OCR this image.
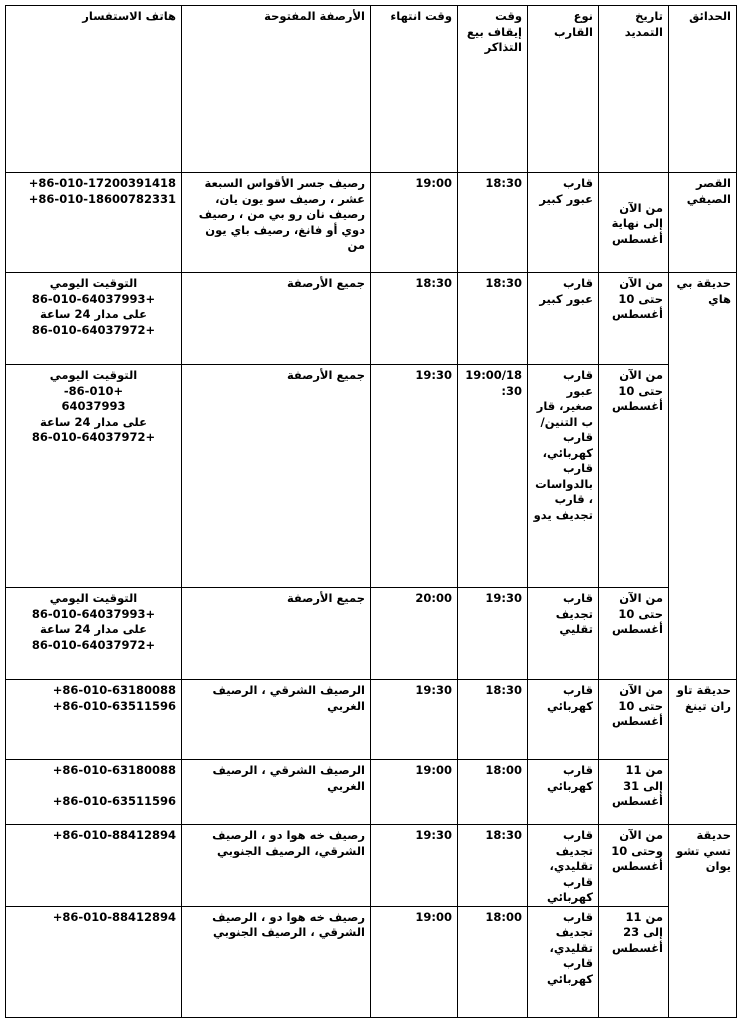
الحدائق	تاريخ التمديد	نوع القارب	وقت إيقاف بيع التذاكر	وقت انتهاء	الأرصفة المفتوحة	هاتف الاستفسار
القصر الصيفي	من الآن إلى نهاية أغسطس	قارب عبور كبير	18:30	19:00	رصيف جسر الأقواس السبعة عشر ، رصيف سو يون يان، رصيف نان رو بي من ، رصيف دوي أو فانغ، رصيف باي يون من	+86-010-17200391418
+86-010-18600782331

حديقة بي هاي	من الآن حتى 10 أغسطس	قارب عبور كبير	18:30	18:30	جميع الأرصفة	التوقيت اليومي
+86-010-64037993
على مدار 24 ساعة
+86-010-64037972

	من الآن حتى 10 أغسطس	قارب عبور صغير، قار ب التنين/ قارب كهربائي، قارب بالدواسات ، قارب تجديف يدو	19:00/18:30	19:30	جميع الأرصفة	التوقيت اليومي
+86-010-
64037993
على مدار 24 ساعة
+86-010-64037972

	من الآن حتى 10 أغسطس	قارب تجديف تقليي	19:30	20:00	جميع الأرصفة	التوقيت اليومي
+86-010-64037993
على مدار 24 ساعة
+86-010-64037972

حديقة تاو ران تينغ	من الآن حتى 10 أغسطس	قارب كهربائي	18:30	19:30	الرصيف الشرقي ، الرصيف الغربي	+86-010-63180088
+86-010-63511596

	من 11 إلى 31 أغسطس	قارب كهربائي	18:00	19:00	الرصيف الشرقي ، الرصيف الغربي	+86-010-63180088

+86-010-63511596

حديقة تسي تشو يوان	من الآن وحتى 10 أغسطس	قارب تجديف تقليدي، قارب كهربائي	18:30	19:30	رصيف خه هوا دو ، الرصيف الشرقي، الرصيف الجنوبي	+86-010-88412894

	من 11 إلى 23 أغسطس	قارب تجديف تقليدي، قارب كهربائي	18:00	19:00	رصيف خه هوا دو ، الرصيف الشرقي ، الرصيف الجنوبي	+86-010-88412894
